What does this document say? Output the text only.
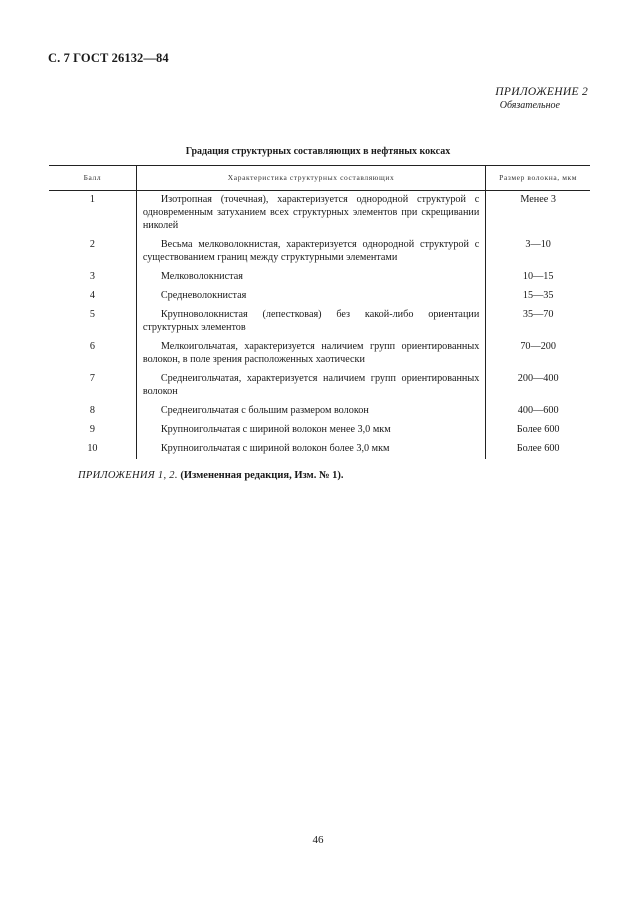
С. 7 ГОСТ 26132—84
ПРИЛОЖЕНИЕ 2
Обязательное
Градация структурных составляющих в нефтяных коксах
Балл	Характеристика структурных составляющих	Размер волокна, мкм
1	Изотропная (точечная), характеризуется однородной структурой с одновременным затуханием всех структурных элементов при скрещивании николей	Менее 3
2	Весьма мелковолокнистая, характеризуется однородной структурой с существованием границ между структурными элементами	3—10
3	Мелковолокнистая	10—15
4	Средневолокнистая	15—35
5	Крупноволокнистая (лепестковая) без какой-либо ориентации структурных элементов	35—70
6	Мелкоигольчатая, характеризуется наличием групп ориентированных волокон, в поле зрения расположенных хаотически	70—200
7	Среднеигольчатая, характеризуется наличием групп ориентированных волокон	200—400
8	Среднеигольчатая с большим размером волокон	400—600
9	Крупноигольчатая с шириной волокон менее 3,0 мкм	Более 600
10	Крупноигольчатая с шириной волокон более 3,0 мкм	Более 600
ПРИЛОЖЕНИЯ 1, 2. (Измененная редакция, Изм. № 1).
46
